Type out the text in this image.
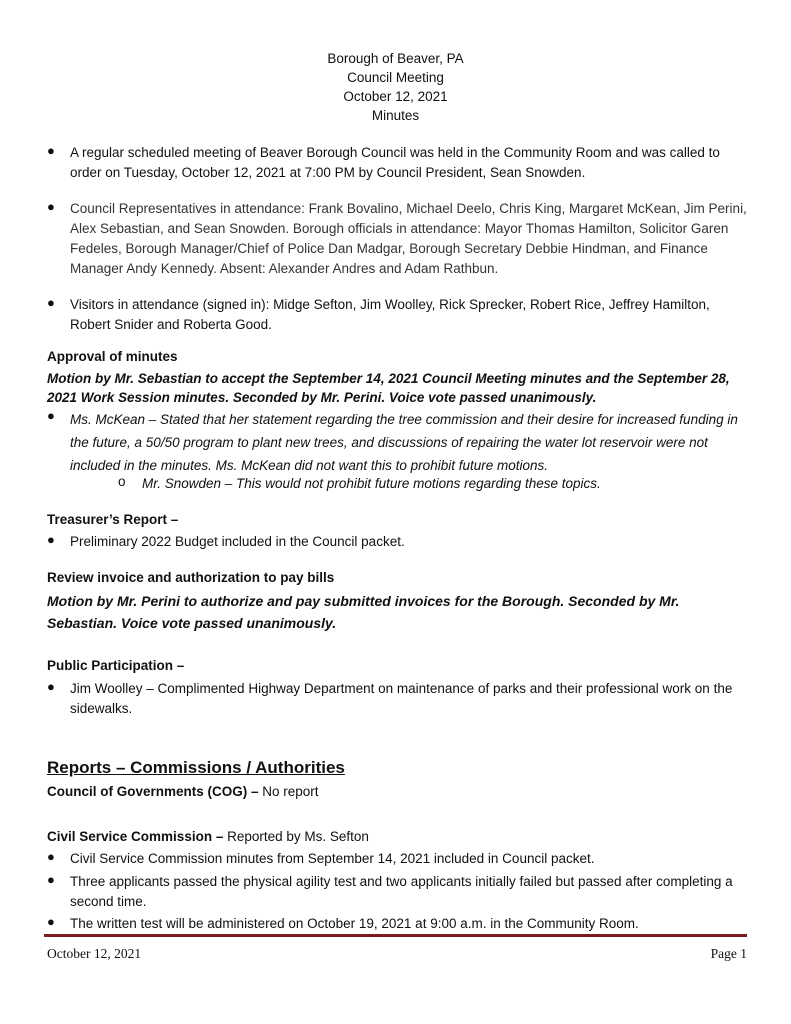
Borough of Beaver, PA
Council Meeting
October 12, 2021
Minutes
● A regular scheduled meeting of Beaver Borough Council was held in the Community Room and was called to order on Tuesday, October 12, 2021 at 7:00 PM by Council President, Sean Snowden.
● Council Representatives in attendance: Frank Bovalino, Michael Deelo, Chris King, Margaret McKean, Jim Perini, Alex Sebastian, and Sean Snowden. Borough officials in attendance: Mayor Thomas Hamilton, Solicitor Garen Fedeles, Borough Manager/Chief of Police Dan Madgar, Borough Secretary Debbie Hindman, and Finance Manager Andy Kennedy. Absent: Alexander Andres and Adam Rathbun.
● Visitors in attendance (signed in): Midge Sefton, Jim Woolley, Rick Sprecker, Robert Rice, Jeffrey Hamilton, Robert Snider and Roberta Good.
Approval of minutes
Motion by Mr. Sebastian to accept the September 14, 2021 Council Meeting minutes and the September 28, 2021 Work Session minutes. Seconded by Mr. Perini. Voice vote passed unanimously.
● Ms. McKean – Stated that her statement regarding the tree commission and their desire for increased funding in the future, a 50/50 program to plant new trees, and discussions of repairing the water lot reservoir were not included in the minutes. Ms. McKean did not want this to prohibit future motions.
o Mr. Snowden – This would not prohibit future motions regarding these topics.
Treasurer’s Report –
● Preliminary 2022 Budget included in the Council packet.
Review invoice and authorization to pay bills
Motion by Mr. Perini to authorize and pay submitted invoices for the Borough. Seconded by Mr. Sebastian. Voice vote passed unanimously.
Public Participation –
● Jim Woolley – Complimented Highway Department on maintenance of parks and their professional work on the sidewalks.
Reports – Commissions / Authorities
Council of Governments (COG) – No report
Civil Service Commission – Reported by Ms. Sefton
● Civil Service Commission minutes from September 14, 2021 included in Council packet.
● Three applicants passed the physical agility test and two applicants initially failed but passed after completing a second time.
● The written test will be administered on October 19, 2021 at 9:00 a.m. in the Community Room.
October 12, 2021	Page 1
